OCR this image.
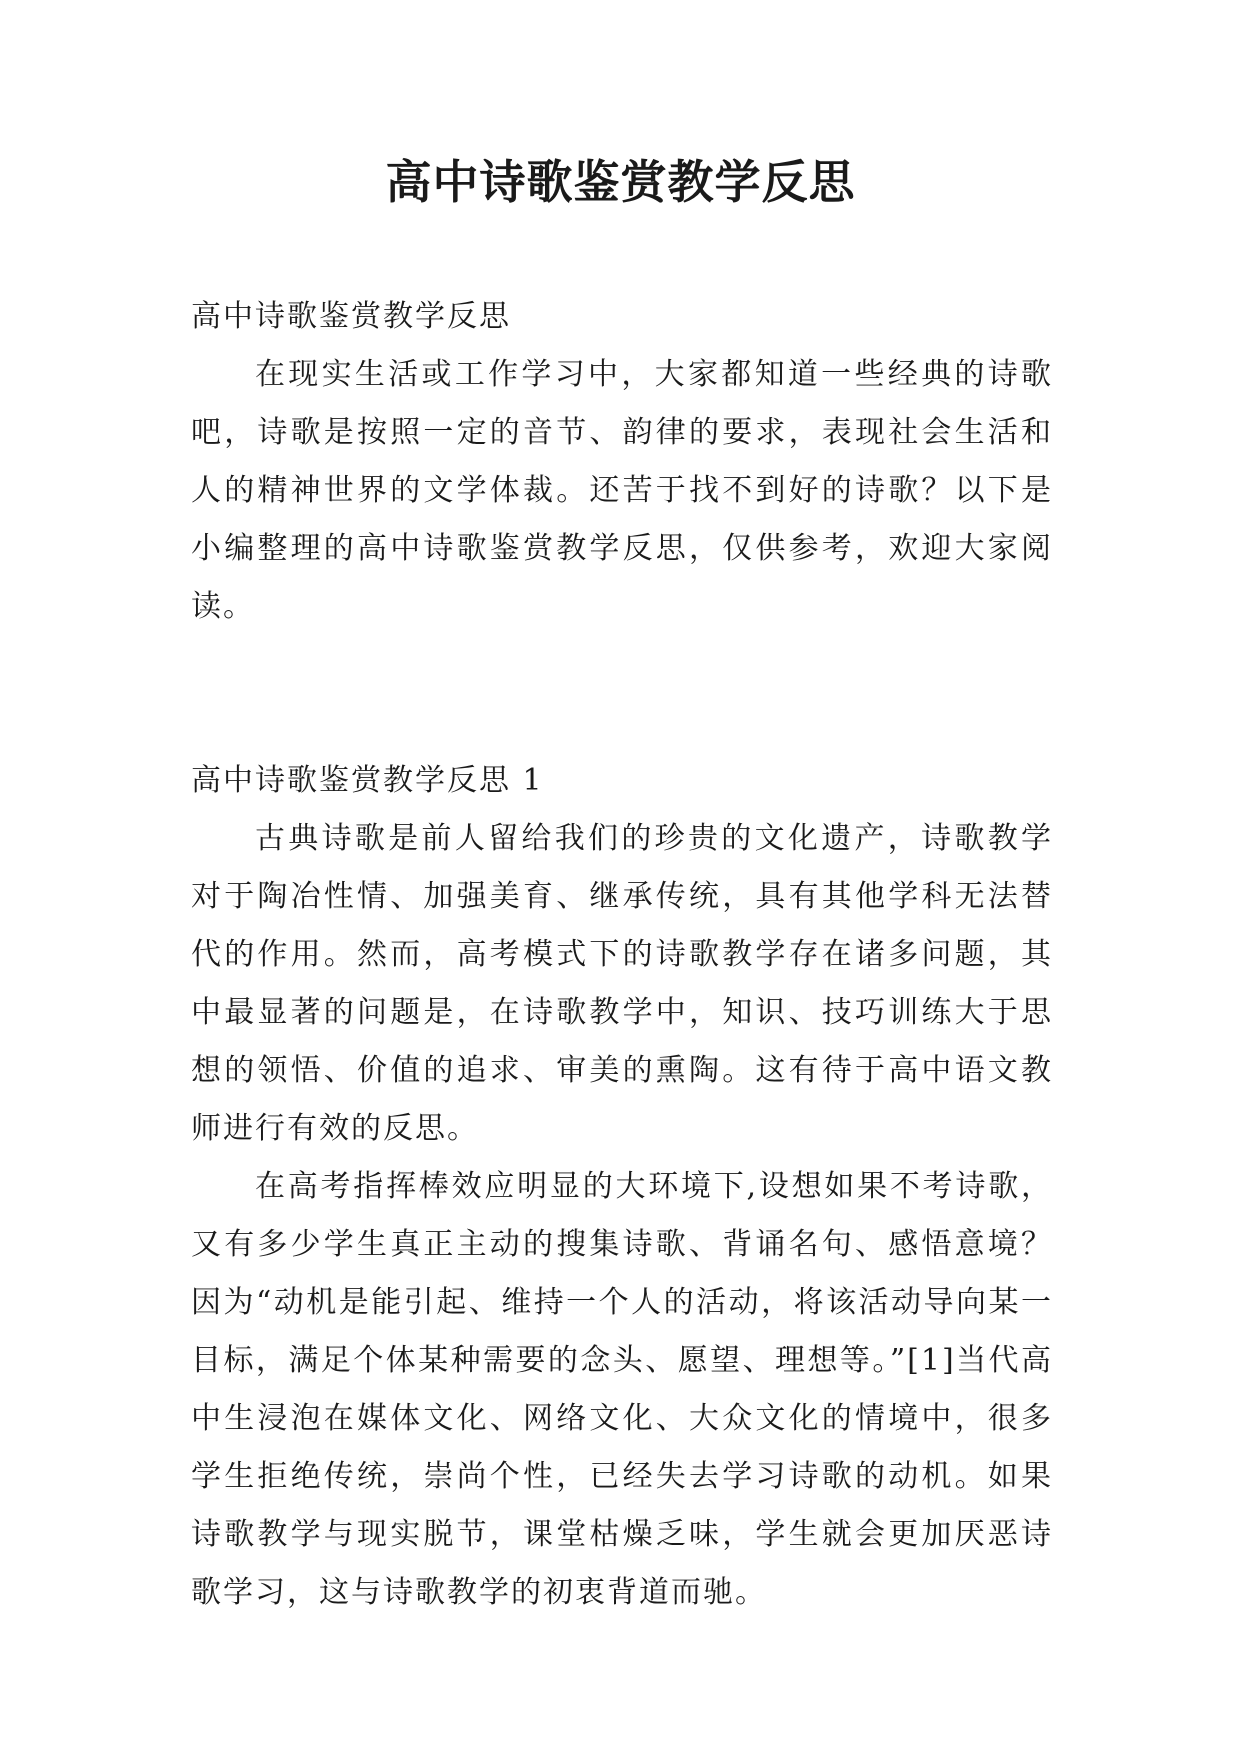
高中诗歌鉴赏教学反思

高中诗歌鉴赏教学反思

在现实生活或工作学习中，大家都知道一些经典的诗歌吧，诗歌是按照一定的音节、韵律的要求，表现社会生活和人的精神世界的文学体裁。还苦于找不到好的诗歌？以下是小编整理的高中诗歌鉴赏教学反思，仅供参考，欢迎大家阅读。

高中诗歌鉴赏教学反思 1

古典诗歌是前人留给我们的珍贵的文化遗产，诗歌教学对于陶冶性情、加强美育、继承传统，具有其他学科无法替代的作用。然而，高考模式下的诗歌教学存在诸多问题，其中最显著的问题是，在诗歌教学中，知识、技巧训练大于思想的领悟、价值的追求、审美的熏陶。这有待于高中语文教师进行有效的反思。

在高考指挥棒效应明显的大环境下,设想如果不考诗歌，又有多少学生真正主动的搜集诗歌、背诵名句、感悟意境？因为“动机是能引起、维持一个人的活动，将该活动导向某一目标，满足个体某种需要的念头、愿望、理想等。”[1]当代高中生浸泡在媒体文化、网络文化、大众文化的情境中，很多学生拒绝传统，崇尚个性，已经失去学习诗歌的动机。如果诗歌教学与现实脱节，课堂枯燥乏味，学生就会更加厌恶诗歌学习，这与诗歌教学的初衷背道而驰。
